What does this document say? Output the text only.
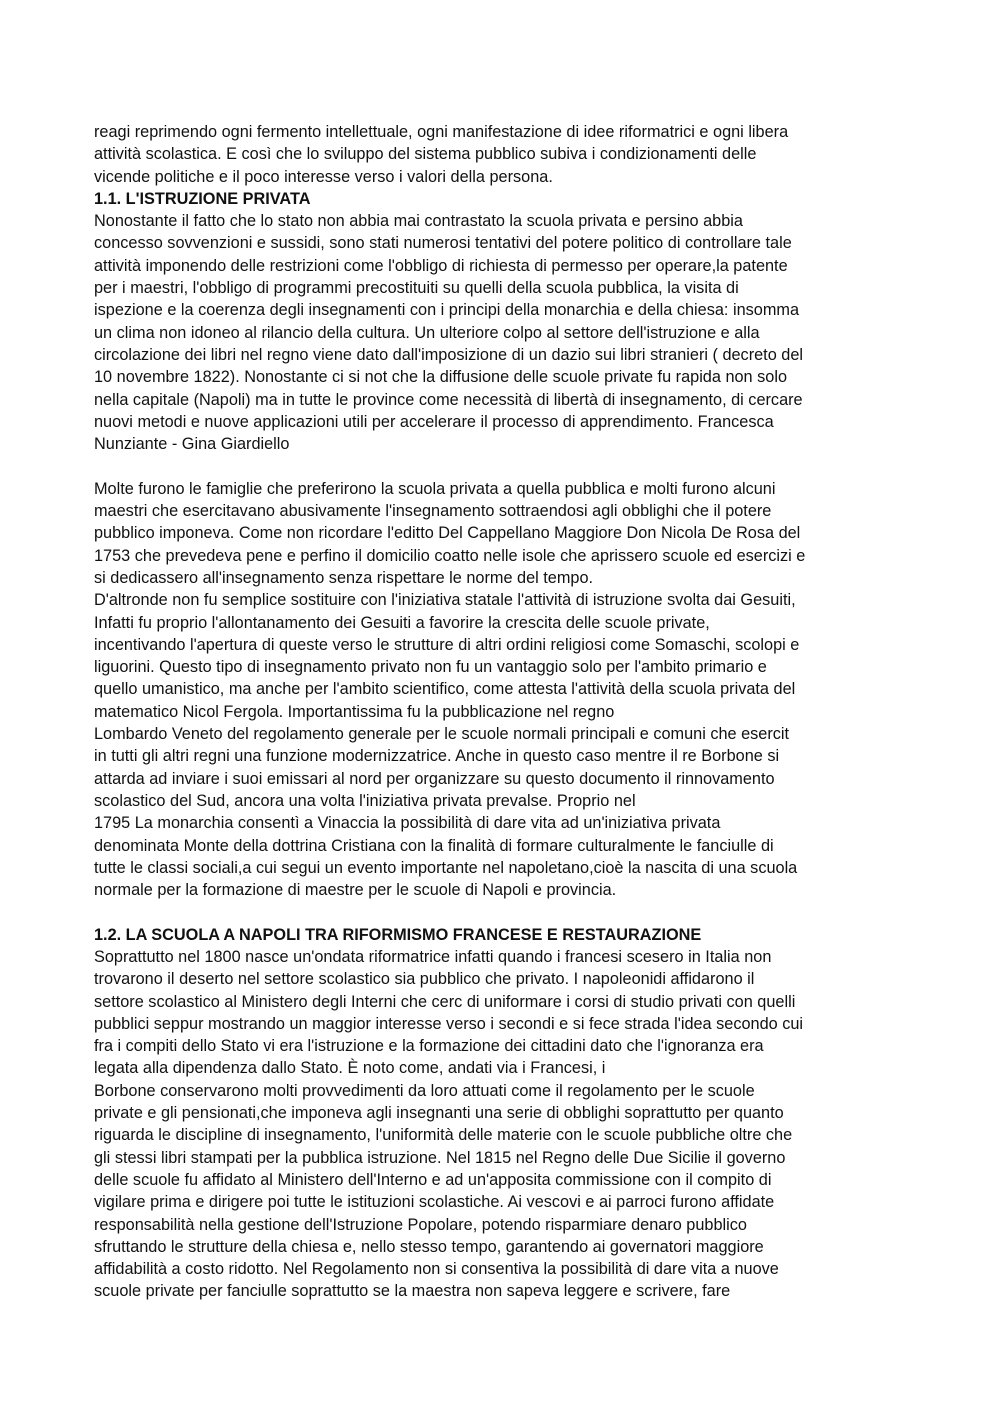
reagi reprimendo ogni fermento intellettuale, ogni manifestazione di idee riformatrici e ogni libera
attività scolastica. E così che lo sviluppo del sistema pubblico subiva i condizionamenti delle
vicende politiche e il poco interesse verso i valori della persona.
1.1. L'ISTRUZIONE PRIVATA
Nonostante il fatto che lo stato non abbia mai contrastato la scuola privata e persino abbia
concesso sovvenzioni e sussidi, sono stati numerosi tentativi del potere politico di controllare tale
attività imponendo delle restrizioni come l'obbligo di richiesta di permesso per operare,la patente
per i maestri, l'obbligo di programmi precostituiti su quelli della scuola pubblica, la visita di
ispezione e la coerenza degli insegnamenti con i principi della monarchia e della chiesa: insomma
un clima non idoneo al rilancio della cultura. Un ulteriore colpo al settore dell'istruzione e alla
circolazione dei libri nel regno viene dato dall'imposizione di un dazio sui libri stranieri ( decreto del
10 novembre 1822). Nonostante ci si not che la diffusione delle scuole private fu rapida non solo
nella capitale (Napoli) ma in tutte le province come necessità di libertà di insegnamento, di cercare
nuovi metodi e nuove applicazioni utili per accelerare il processo di apprendimento. Francesca
Nunziante - Gina Giardiello
Molte furono le famiglie che preferirono la scuola privata a quella pubblica e molti furono alcuni
maestri che esercitavano abusivamente l'insegnamento sottraendosi agli obblighi che il potere
pubblico imponeva. Come non ricordare l'editto Del Cappellano Maggiore Don Nicola De Rosa del
1753 che prevedeva pene e perfino il domicilio coatto nelle isole che aprissero scuole ed esercizi e
si dedicassero all'insegnamento senza rispettare le norme del tempo.
D'altronde non fu semplice sostituire con l'iniziativa statale l'attività di istruzione svolta dai Gesuiti,
Infatti fu proprio l'allontanamento dei Gesuiti a favorire la crescita delle scuole private,
incentivando l'apertura di queste verso le strutture di altri ordini religiosi come Somaschi, scolopi e
liguorini. Questo tipo di insegnamento privato non fu un vantaggio solo per l'ambito primario e
quello umanistico, ma anche per l'ambito scientifico, come attesta l'attività della scuola privata del
matematico Nicol Fergola. Importantissima fu la pubblicazione nel regno
Lombardo Veneto del regolamento generale per le scuole normali principali e comuni che esercit
in tutti gli altri regni una funzione modernizzatrice. Anche in questo caso mentre il re Borbone si
attarda ad inviare i suoi emissari al nord per organizzare su questo documento il rinnovamento
scolastico del Sud, ancora una volta l'iniziativa privata prevalse. Proprio nel
1795 La monarchia consentì a Vinaccia la possibilità di dare vita ad un'iniziativa privata
denominata Monte della dottrina Cristiana con la finalità di formare culturalmente le fanciulle di
tutte le classi sociali,a cui segui un evento importante nel napoletano,cioè la nascita di una scuola
normale per la formazione di maestre per le scuole di Napoli e provincia.
1.2. LA SCUOLA A NAPOLI TRA RIFORMISMO FRANCESE E RESTAURAZIONE
Soprattutto nel 1800 nasce un'ondata riformatrice infatti quando i francesi scesero in Italia non
trovarono il deserto nel settore scolastico sia pubblico che privato. I napoleonidi affidarono il
settore scolastico al Ministero degli Interni che cerc di uniformare i corsi di studio privati con quelli
pubblici seppur mostrando un maggior interesse verso i secondi e si fece strada l'idea secondo cui
fra i compiti dello Stato vi era l'istruzione e la formazione dei cittadini dato che l'ignoranza era
legata alla dipendenza dallo Stato. È noto come, andati via i Francesi, i
Borbone conservarono molti provvedimenti da loro attuati come il regolamento per le scuole
private e gli pensionati,che imponeva agli insegnanti una serie di obblighi soprattutto per quanto
riguarda le discipline di insegnamento, l'uniformità delle materie con le scuole pubbliche oltre che
gli stessi libri stampati per la pubblica istruzione. Nel 1815 nel Regno delle Due Sicilie il governo
delle scuole fu affidato al Ministero dell'Interno e ad un'apposita commissione con il compito di
vigilare prima e dirigere poi tutte le istituzioni scolastiche. Ai vescovi e ai parroci furono affidate
responsabilità nella gestione dell'Istruzione Popolare, potendo risparmiare denaro pubblico
sfruttando le strutture della chiesa e, nello stesso tempo, garantendo ai governatori maggiore
affidabilità a costo ridotto. Nel Regolamento non si consentiva la possibilità di dare vita a nuove
scuole private per fanciulle soprattutto se la maestra non sapeva leggere e scrivere, fare
